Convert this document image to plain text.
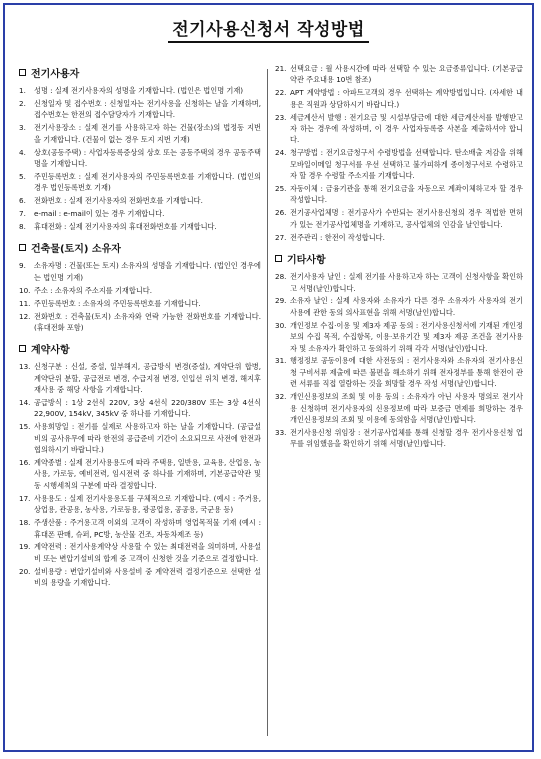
전기사용신청서 작성방법
전기사용자
1.	성명 : 실제 전기사용자의 성명을 기재합니다. (법인은 법인명 기재)
2.	신청일자 및 접수번호 : 신청일자는 전기사용을 신청하는 날을 기재하며, 접수번호는 한전의 접수담당자가 기재합니다.
3.	전기사용장소 : 실제 전기를 사용하고자 하는 건물(장소)의 법정동 지번을 기재합니다. (건물이 없는 경우 토지 지번 기재)
4.	상호(공동주택) : 사업자등록증상의 상호 또는 공동주택의 경우 공동주택명을 기재합니다.
5.	주민등록번호 : 실제 전기사용자의 주민등록번호를 기재합니다. (법인의 경우 법인등록번호 기재)
6.	전화번호 : 실제 전기사용자의 전화번호를 기재합니다.
7.	e-mail : e-mail이 있는 경우 기재합니다.
8.	휴대전화 : 실제 전기사용자의 휴대전화번호를 기재합니다.
건축물(토지) 소유자
9.	소유자명 : 건물(또는 토지) 소유자의 성명을 기재합니다. (법인인 경우에는 법인명 기재)
10. 주소 : 소유자의 주소지를 기재합니다.
11. 주민등록번호 : 소유자의 주민등록번호를 기재합니다.
12. 전화번호 : 건축물(토지) 소유자와 연락 가능한 전화번호를 기재합니다.(휴대전화 포함)
계약사항
13. 신청구분 : 신설, 증설, 일부해지, 공급방식 변경(증설), 계약단위 합병, 계약단위 분할, 공급전로 변경, 수급지점 변경, 인입선 위치 변경, 해지후 재사용 중 해당 사항을 기재합니다.
14. 공급방식 : 1상 2선식 220V, 3상 4선식 220/380V 또는 3상 4선식 22,900V, 154kV, 345kV 중 하나를 기재합니다.
15. 사용희망일 : 전기를 실제로 사용하고자 하는 날을 기재합니다. (공급설비의 공사유무에 따라 한전의 공급준비 기간이 소요되므로 사전에 한전과 협의하시기 바랍니다.)
16. 계약종별 : 실제 전기사용용도에 따라 주택용, 일반용, 교육용, 산업용, 농사용, 가로등, 예비전력, 임시전력 중 하나를 기재하며, 기본공급약관 및 동 시행세칙의 구분에 따라 결정합니다.
17. 사용용도 : 실제 전기사용용도를 구체적으로 기재합니다. (예시 : 주거용, 상업용, 관공용, 농사용, 가로등용, 광공업용, 공공용, 국군용 등)
18. 주생산품 : 주거용고객 이외의 고객이 작성하며 영업목적물 기재 (예시 : 휴대폰 판매, 슈퍼, PC방, 농산물 건조, 자동차제조 등)
19. 계약전력 : 전기사용계약상 사용할 수 있는 최대전력을 의미하며, 사용설비 또는 변압기설비의 합계 중 고객이 신청한 것을 기준으로 결정합니다.
20. 설비용량 : 변압기설비와 사용설비 중 계약전력 결정기준으로 선택한 설비의 용량을 기재합니다.
21. 선택요금 : 월 사용시간에 따라 선택할 수 있는 요금종류입니다. (기본공급약관 주요내용 10번 참조)
22. APT 계약방법 : 아파트고객의 경우 선택하는 계약방법입니다. (자세한 내용은 직원과 상담하시기 바랍니다.)
23. 세금계산서 발행 : 전기요금 및 시설부담금에 대한 세금계산서를 발행받고자 하는 경우에 작성하며, 이 경우 사업자등록증 사본을 제출하셔야 합니다.
24. 청구방법 : 전기요금청구서 수령방법을 선택합니다. 탄소배출 저감을 위해 모바일이메일 청구서를 우선 선택하고 불가피하게 종이청구서로 수령하고자 할 경우 수령할 주소지를 기재합니다.
25. 자동이체 : 금융기관을 통해 전기요금을 자동으로 계좌이체하고자 할 경우 작성합니다.
26. 전기공사업체명 : 전기공사가 수반되는 전기사용신청의 경우 적법한 면허가 있는 전기공사업체명을 기재하고, 공사업체의 인감을 날인합니다.
27. 전주관리 : 한전이 작성합니다.
기타사항
28. 전기사용자 날인 : 실제 전기를 사용하고자 하는 고객이 신청사항을 확인하고 서명(날인)합니다.
29. 소유자 날인 : 실제 사용자와 소유자가 다른 경우 소유자가 사용자의 전기사용에 관한 동의 의사표현을 위해 서명(날인)합니다.
30. 개인정보 수집·이용 및 제3자 제공 동의 : 전기사용신청서에 기재된 개인정보의 수집 목적, 수집항목, 이용·보유기간 및 제3자 제공 조건을 전기사용자 및 소유자가 확인하고 동의하기 위해 각각 서명(날인)합니다.
31. 행정정보 공동이용에 대한 사전동의 : 전기사용자와 소유자의 전기사용신청 구비서류 제출에 따른 불편을 해소하기 위해 전자정부를 통해 한전이 관련 서류를 직접 열람하는 것을 희망할 경우 작성 서명(날인)합니다.
32. 개인신용정보의 조회 및 이용 동의 : 소유자가 아닌 사용자 명의로 전기사용 신청하며 전기사용자의 신용정보에 따라 보증금 면제를 희망하는 경우 개인신용정보의 조회 및 이용에 동의함을 서명(날인)합니다.
33. 전기사용신청 위임장 : 전기공사업체를 통해 신청할 경우 전기사용신청 업무를 위임했음을 확인하기 위해 서명(날인)합니다.
